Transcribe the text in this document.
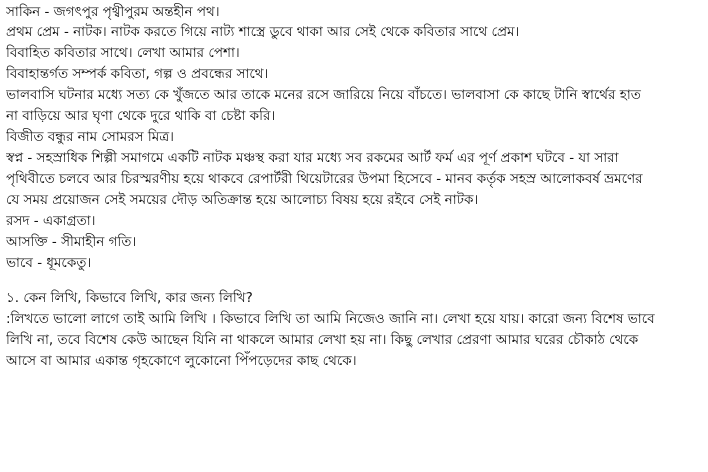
সাকিন - জগৎপুর পৃথ্বীপুরম অন্তহীন পথ।
প্রথম প্রেম - নাটক। নাটক করতে গিয়ে নাট্য শাস্ত্রে ডুবে থাকা আর সেই থেকে কবিতার সাথে প্রেম।
বিবাহিত কবিতার সাথে। লেখা আমার পেশা।
বিবাহান্তর্গত সম্পর্ক কবিতা, গল্প ও প্রবন্ধের সাথে।
ভালবাসি ঘটনার মধ্যে সত্য কে খুঁজতে আর তাকে মনের রসে জারিয়ে নিয়ে বাঁচতে। ভালবাসা কে কাছে টানি স্বার্থের হাত
না বাড়িয়ে আর ঘৃণা থেকে দুরে থাকি বা চেষ্টা করি।
বিজীত বন্ধুর নাম সোমরস মিত্র।
স্বপ্ন - সহস্রাধিক শিল্পী সমাগমে একটি নাটক মঞ্চস্থ করা যার মধ্যে সব রকমের আর্ট ফর্ম এর পূর্ণ প্রকাশ ঘটবে - যা সারা
পৃথিবীতে চলবে আর চিরস্মরণীয় হয়ে থাকবে রেপার্টরী থিয়েটারের উপমা হিসেবে - মানব কর্তৃক সহস্র আলোকবর্ষ ভ্রমণের
যে সময় প্রয়োজন সেই সময়ের দৌড় অতিক্রান্ত হয়ে আলোচ্য বিষয় হয়ে রইবে সেই নাটক।
রসদ - একাগ্রতা।
আসক্তি - সীমাহীন গতি।
ভাবে - ধূমকেতু।
১. কেন লিখি, কিভাবে লিখি, কার জন্য লিখি?
:লিখতে ভালো লাগে তাই আমি লিখি । কিভাবে লিখি তা আমি নিজেও জানি না। লেখা হয়ে যায়। কারো জন্য বিশেষ ভাবে
লিখি না, তবে বিশেষ কেউ আছেন যিনি না থাকলে আমার লেখা হয় না। কিছু লেখার প্রেরণা আমার ঘরের চৌকাঠ থেকে
আসে বা আমার একান্ত গৃহকোণে লুকোনো পিঁপড়েদের কাছ থেকে।
